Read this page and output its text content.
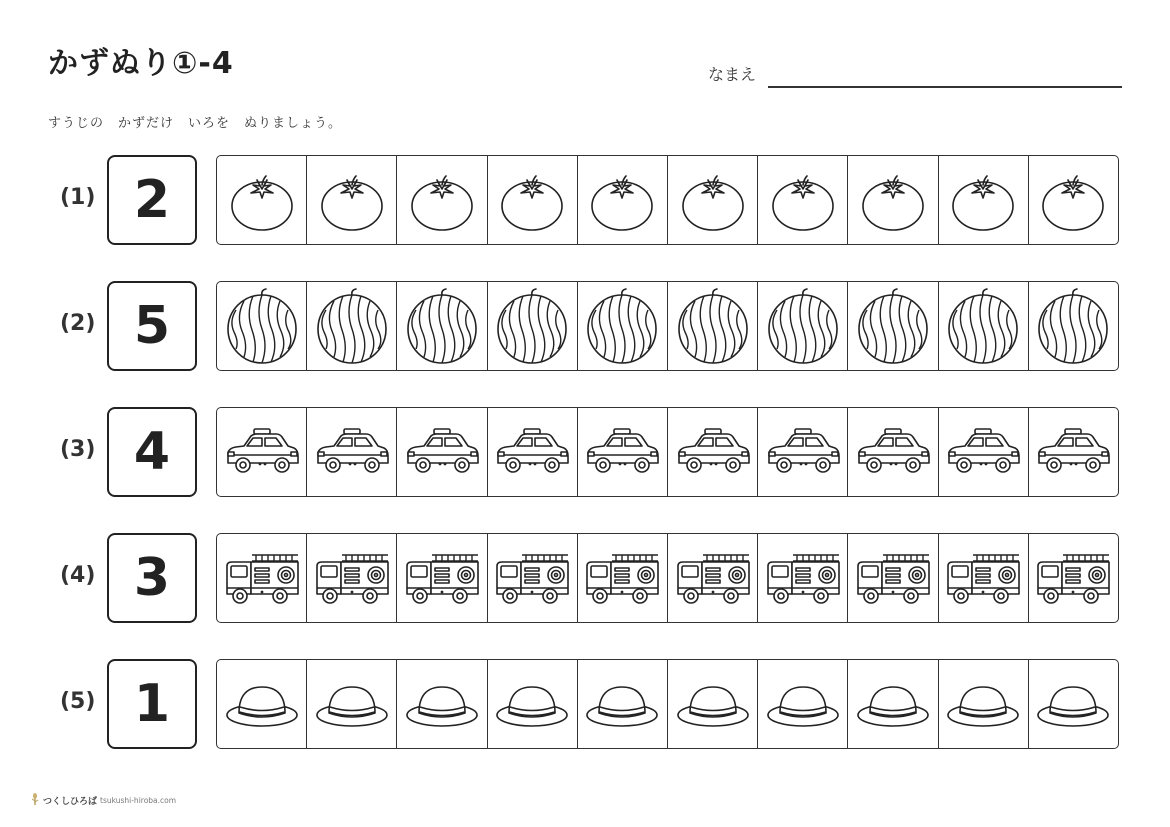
かずぬり①-4	なまえ
すうじの　かずだけ　いろを　ぬりましょう。
(1) 2
(2) 5
(3) 4
(4) 3
(5) 1
つくしひろば tsukushi-hiroba.com
